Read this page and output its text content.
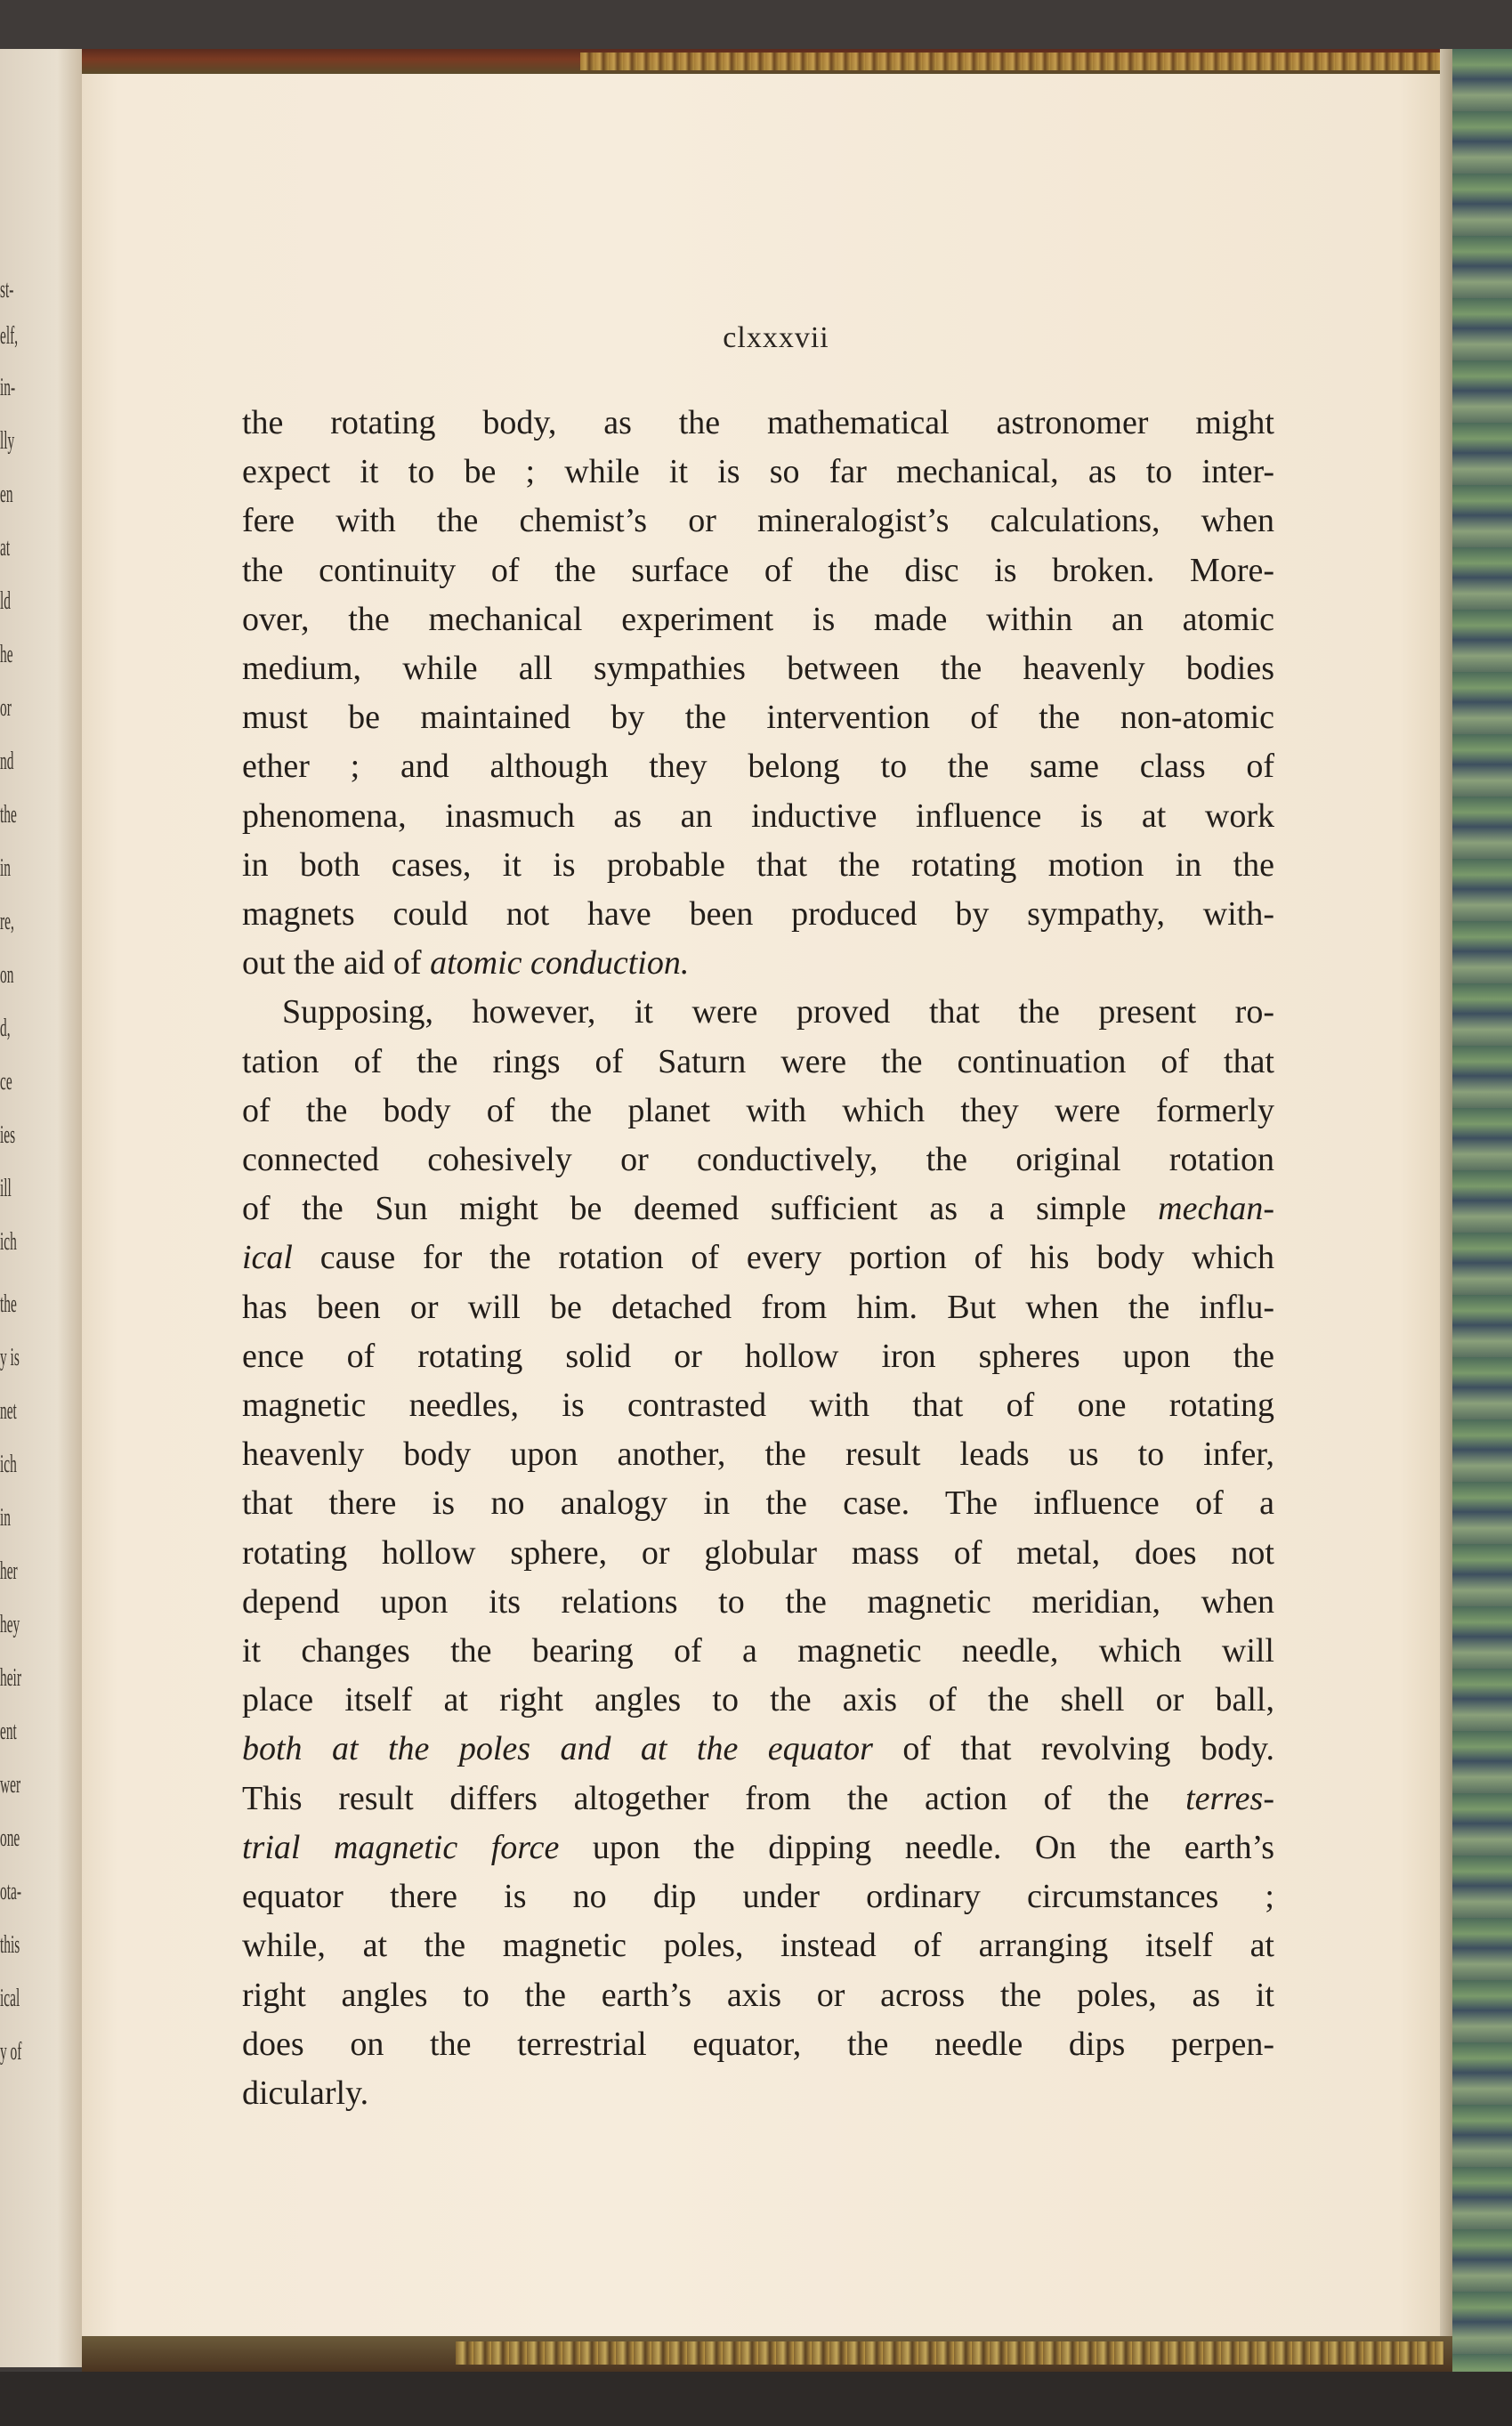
st-
elf,
in-
lly
en
at
ld
he
or
nd
the
in
re,
on
d,
ce
ies
ill
ich
the
y is
net
ich
in
her
hey
heir
ent
wer
one
ota-
this
ical
y of
clxxxvii
the rotating body, as the mathematical astronomer might
expect it to be ; while it is so far mechanical, as to inter-
fere with the chemist’s or mineralogist’s calculations, when
the continuity of the surface of the disc is broken. More-
over, the mechanical experiment is made within an atomic
medium, while all sympathies between the heavenly bodies
must be maintained by the intervention of the non-atomic
ether ; and although they belong to the same class of
phenomena, inasmuch as an inductive influence is at work
in both cases, it is probable that the rotating motion in the
magnets could not have been produced by sympathy, with-
out the aid of atomic conduction.
Supposing, however, it were proved that the present ro-
tation of the rings of Saturn were the continuation of that
of the body of the planet with which they were formerly
connected cohesively or conductively, the original rotation
of the Sun might be deemed sufficient as a simple mechan-
ical cause for the rotation of every portion of his body which
has been or will be detached from him. But when the influ-
ence of rotating solid or hollow iron spheres upon the
magnetic needles, is contrasted with that of one rotating
heavenly body upon another, the result leads us to infer,
that there is no analogy in the case. The influence of a
rotating hollow sphere, or globular mass of metal, does not
depend upon its relations to the magnetic meridian, when
it changes the bearing of a magnetic needle, which will
place itself at right angles to the axis of the shell or ball,
both at the poles and at the equator of that revolving body.
This result differs altogether from the action of the terres-
trial magnetic force upon the dipping needle. On the earth’s
equator there is no dip under ordinary circumstances ;
while, at the magnetic poles, instead of arranging itself at
right angles to the earth’s axis or across the poles, as it
does on the terrestrial equator, the needle dips perpen-
dicularly.
